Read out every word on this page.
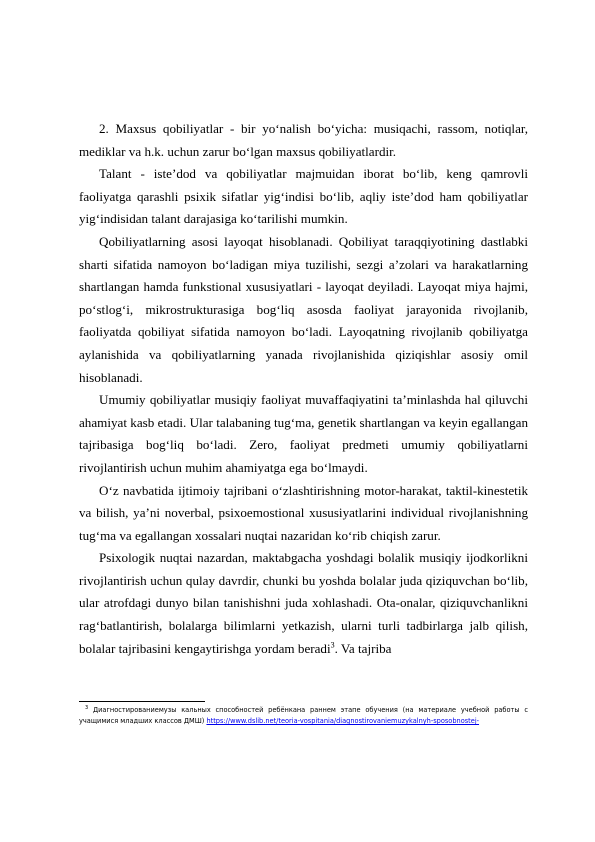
2. Maxsus qobiliyatlar - bir yo‘nalish bo‘yicha: musiqachi, rassom, notiqlar, mediklar va h.k. uchun zarur bo‘lgan maxsus qobiliyatlardir.

Talant - iste’dod va qobiliyatlar majmuidan iborat bo‘lib, keng qamrovli faoliyatga qarashli psixik sifatlar yig‘indisi bo‘lib, aqliy iste’dod ham qobiliyatlar yig‘indisidan talant darajasiga ko‘tarilishi mumkin.

Qobiliyatlarning asosi layoqat hisoblanadi. Qobiliyat taraqqiyotining dastlabki sharti sifatida namoyon bo‘ladigan miya tuzilishi, sezgi a’zolari va harakatlarning shartlangan hamda funkstional xususiyatlari - layoqat deyiladi. Layoqat miya hajmi, po‘stlog‘i, mikrostrukturasiga bog‘liq asosda faoliyat jarayonida rivojlanib, faoliyatda qobiliyat sifatida namoyon bo‘ladi. Layoqatning rivojlanib qobiliyatga aylanishida va qobiliyatlarning yanada rivojlanishida qiziqishlar asosiy omil hisoblanadi.

Umumiy qobiliyatlar musiqiy faoliyat muvaffaqiyatini ta’minlashda hal qiluvchi ahamiyat kasb etadi. Ular talabaning tug‘ma, genetik shartlangan va keyin egallangan tajribasiga bog‘liq bo‘ladi. Zero, faoliyat predmeti umumiy qobiliyatlarni rivojlantirish uchun muhim ahamiyatga ega bo‘lmaydi.

O‘z navbatida ijtimoiy tajribani o‘zlashtirishning motor-harakat, taktil-kinestetik va bilish, ya’ni noverbal, psixoemostional xususiyatlarini individual rivojlanishning tug‘ma va egallangan xossalari nuqtai nazaridan ko‘rib chiqish zarur.

Psixologik nuqtai nazardan, maktabgacha yoshdagi bolalik musiqiy ijodkorlikni rivojlantirish uchun qulay davrdir, chunki bu yoshda bolalar juda qiziquvchan bo‘lib, ular atrofdagi dunyo bilan tanishishni juda xohlashadi. Ota-onalar, qiziquvchanlikni rag‘batlantirish, bolalarga bilimlarni yetkazish, ularni turli tadbirlarga jalb qilish, bolalar tajribasini kengaytirishga yordam beradi$^3$. Va tajriba

$^3$ Диагностированиемузы кальных способностей ребёнкана раннем этапе обучения (на материале учебной работы с учащимися младших классов ДМШ) https://www.dslib.net/teoria-vospitania/diagnostirovaniemuzykalnyh-sposobnostej-
